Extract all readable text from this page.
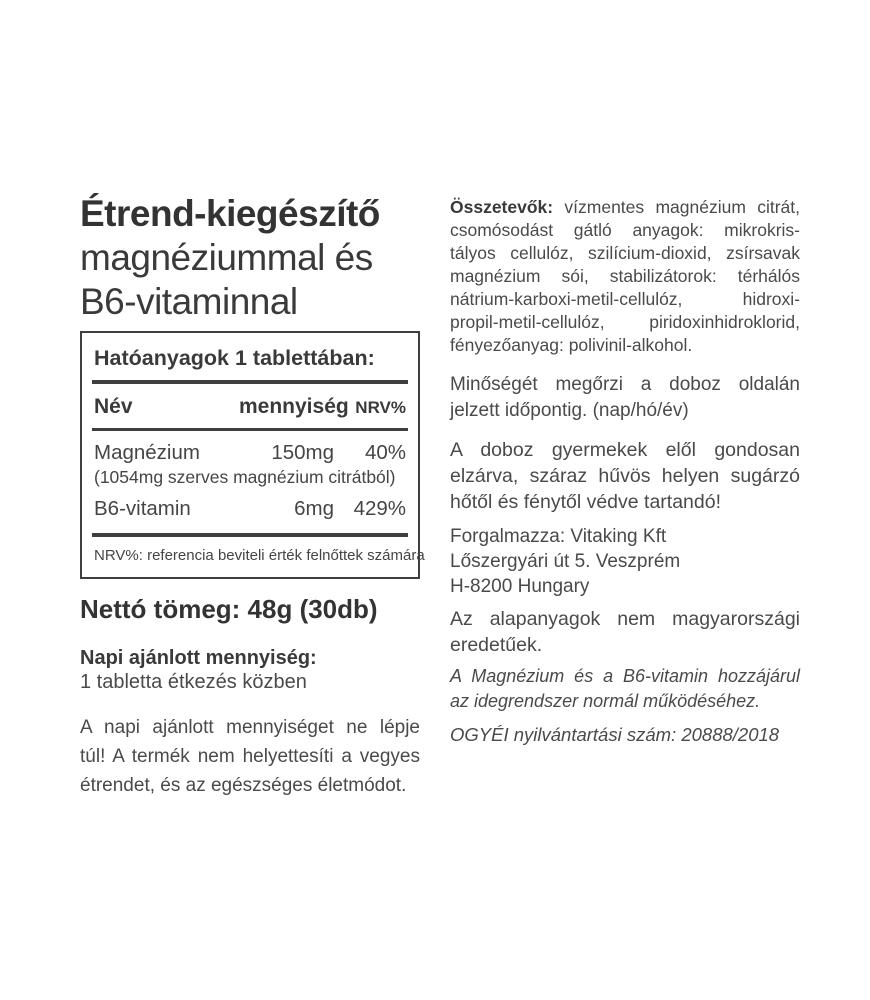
Étrend-kiegészítő
magnéziummal és
B6-vitaminnal
Hatóanyagok 1 tablettában:
Név	mennyiség NRV%
Magnézium	150mg	40%
(1054mg szerves magnézium citrátból)
B6-vitamin	6mg 429%
NRV%: referencia beviteli érték felnőttek számára
Nettó tömeg: 48g (30db)
Napi ajánlott mennyiség:
1 tabletta étkezés közben
A napi ajánlott mennyiséget ne lépje
túl! A termék nem helyettesíti a vegyes
étrendet, és az egészséges életmódot.
Összetevők: vízmentes magnézium citrát,
csomósodást gátló anyagok: mikrokris-
tályos cellulóz, szilícium-dioxid, zsírsavak
magnézium sói, stabilizátorok: térhálós
nátrium-karboxi-metil-cellulóz, hidroxi-
propil-metil-cellulóz, piridoxinhidroklorid,
fényezőanyag: polivinil-alkohol.
Minőségét megőrzi a doboz oldalán
jelzett időpontig. (nap/hó/év)
A doboz gyermekek elől gondosan
elzárva, száraz hűvös helyen sugárzó
hőtől és fénytől védve tartandó!
Forgalmazza: Vitaking Kft
Lőszergyári út 5. Veszprém
H-8200 Hungary
Az alapanyagok nem magyarországi
eredetűek.
A Magnézium és a B6-vitamin hozzájárul
az idegrendszer normál működéséhez.
OGYÉI nyilvántartási szám: 20888/2018
